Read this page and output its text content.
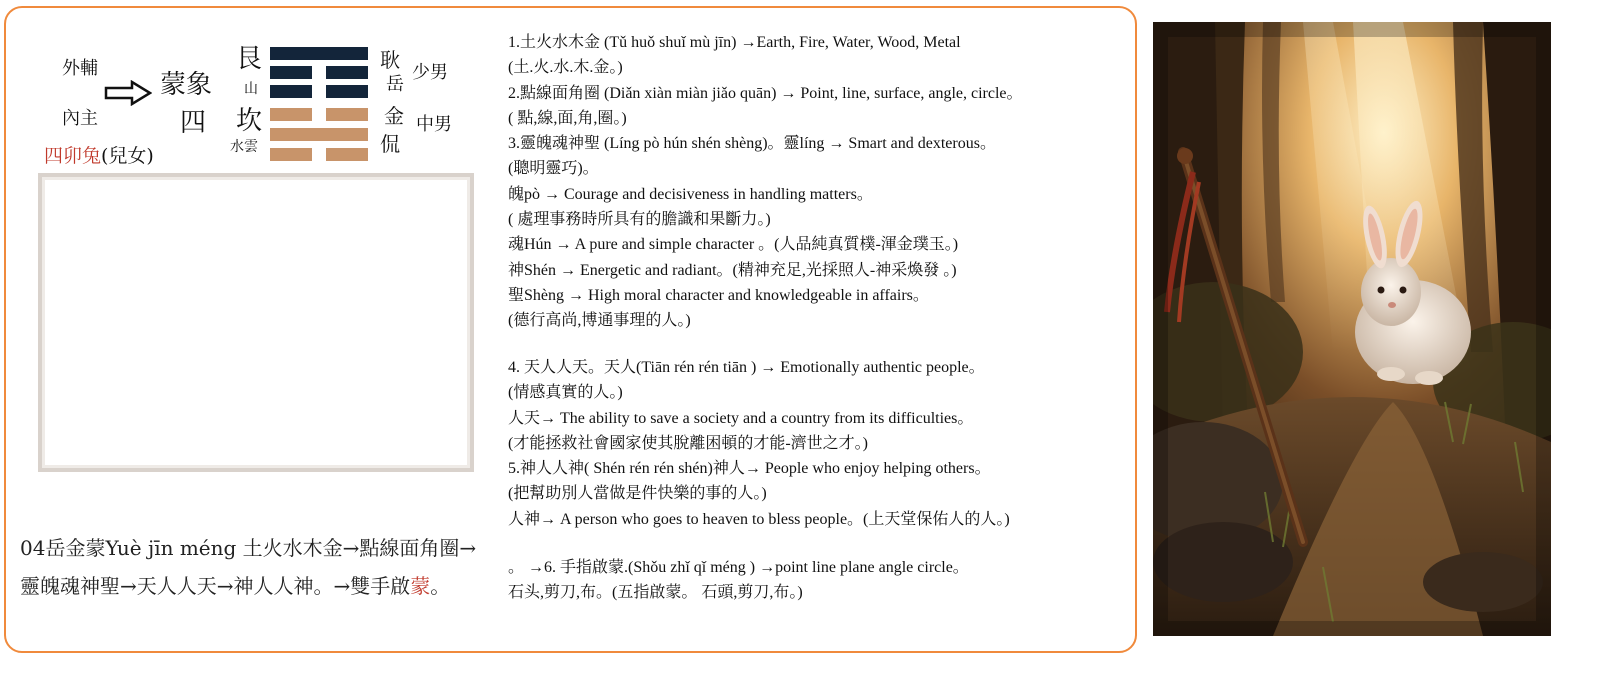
外輔
內主
蒙象
四
艮
山
坎
水雲
耿
岳
少男
金
侃
中男
四卯兔(兒女)
04岳金蒙Yuè jīn méng 土火水木金→點線面角圈→
靈魄魂神聖→天人人天→神人人神。→雙手啟蒙。
1.土火水木金 (Tǔ huǒ shuǐ mù jīn) →Earth, Fire, Water, Wood, Metal
(土.火.水.木.金。)
2.點線面角圈 (Diǎn xiàn miàn jiǎo quān) → Point, line, surface, angle, circle。
( 點,線,面,角,圈。)
3.靈魄魂神聖 (Líng pò hún shén shèng)。靈líng → Smart and dexterous。
(聰明靈巧)。
魄pò → Courage and decisiveness in handling matters。
( 處理事務時所具有的膽識和果斷力。)
魂Hún → A pure and simple character 。(人品純真質樸-渾金璞玉。)
神Shén → Energetic and radiant。(精神充足,光採照人-神采煥發 。)
聖Shèng → High moral character and knowledgeable in affairs。
(德行高尚,博通事理的人。)
4. 天人人天。天人(Tiān rén rén tiān ) → Emotionally authentic people。
(情感真實的人。)
人天→ The ability to save a society and a country from its difficulties。
(才能拯救社會國家使其脫離困頓的才能-濟世之才。)
5.神人人神( Shén rén rén shén)神人→ People who enjoy helping others。
(把幫助別人當做是件快樂的事的人。)
人神→ A person who goes to heaven to bless people。(上天堂保佑人的人。)
。 →6. 手指啟蒙.(Shǒu zhǐ qǐ méng ) →point line plane angle circle。
石头,剪刀,布。(五指啟蒙。 石頭,剪刀,布。)
